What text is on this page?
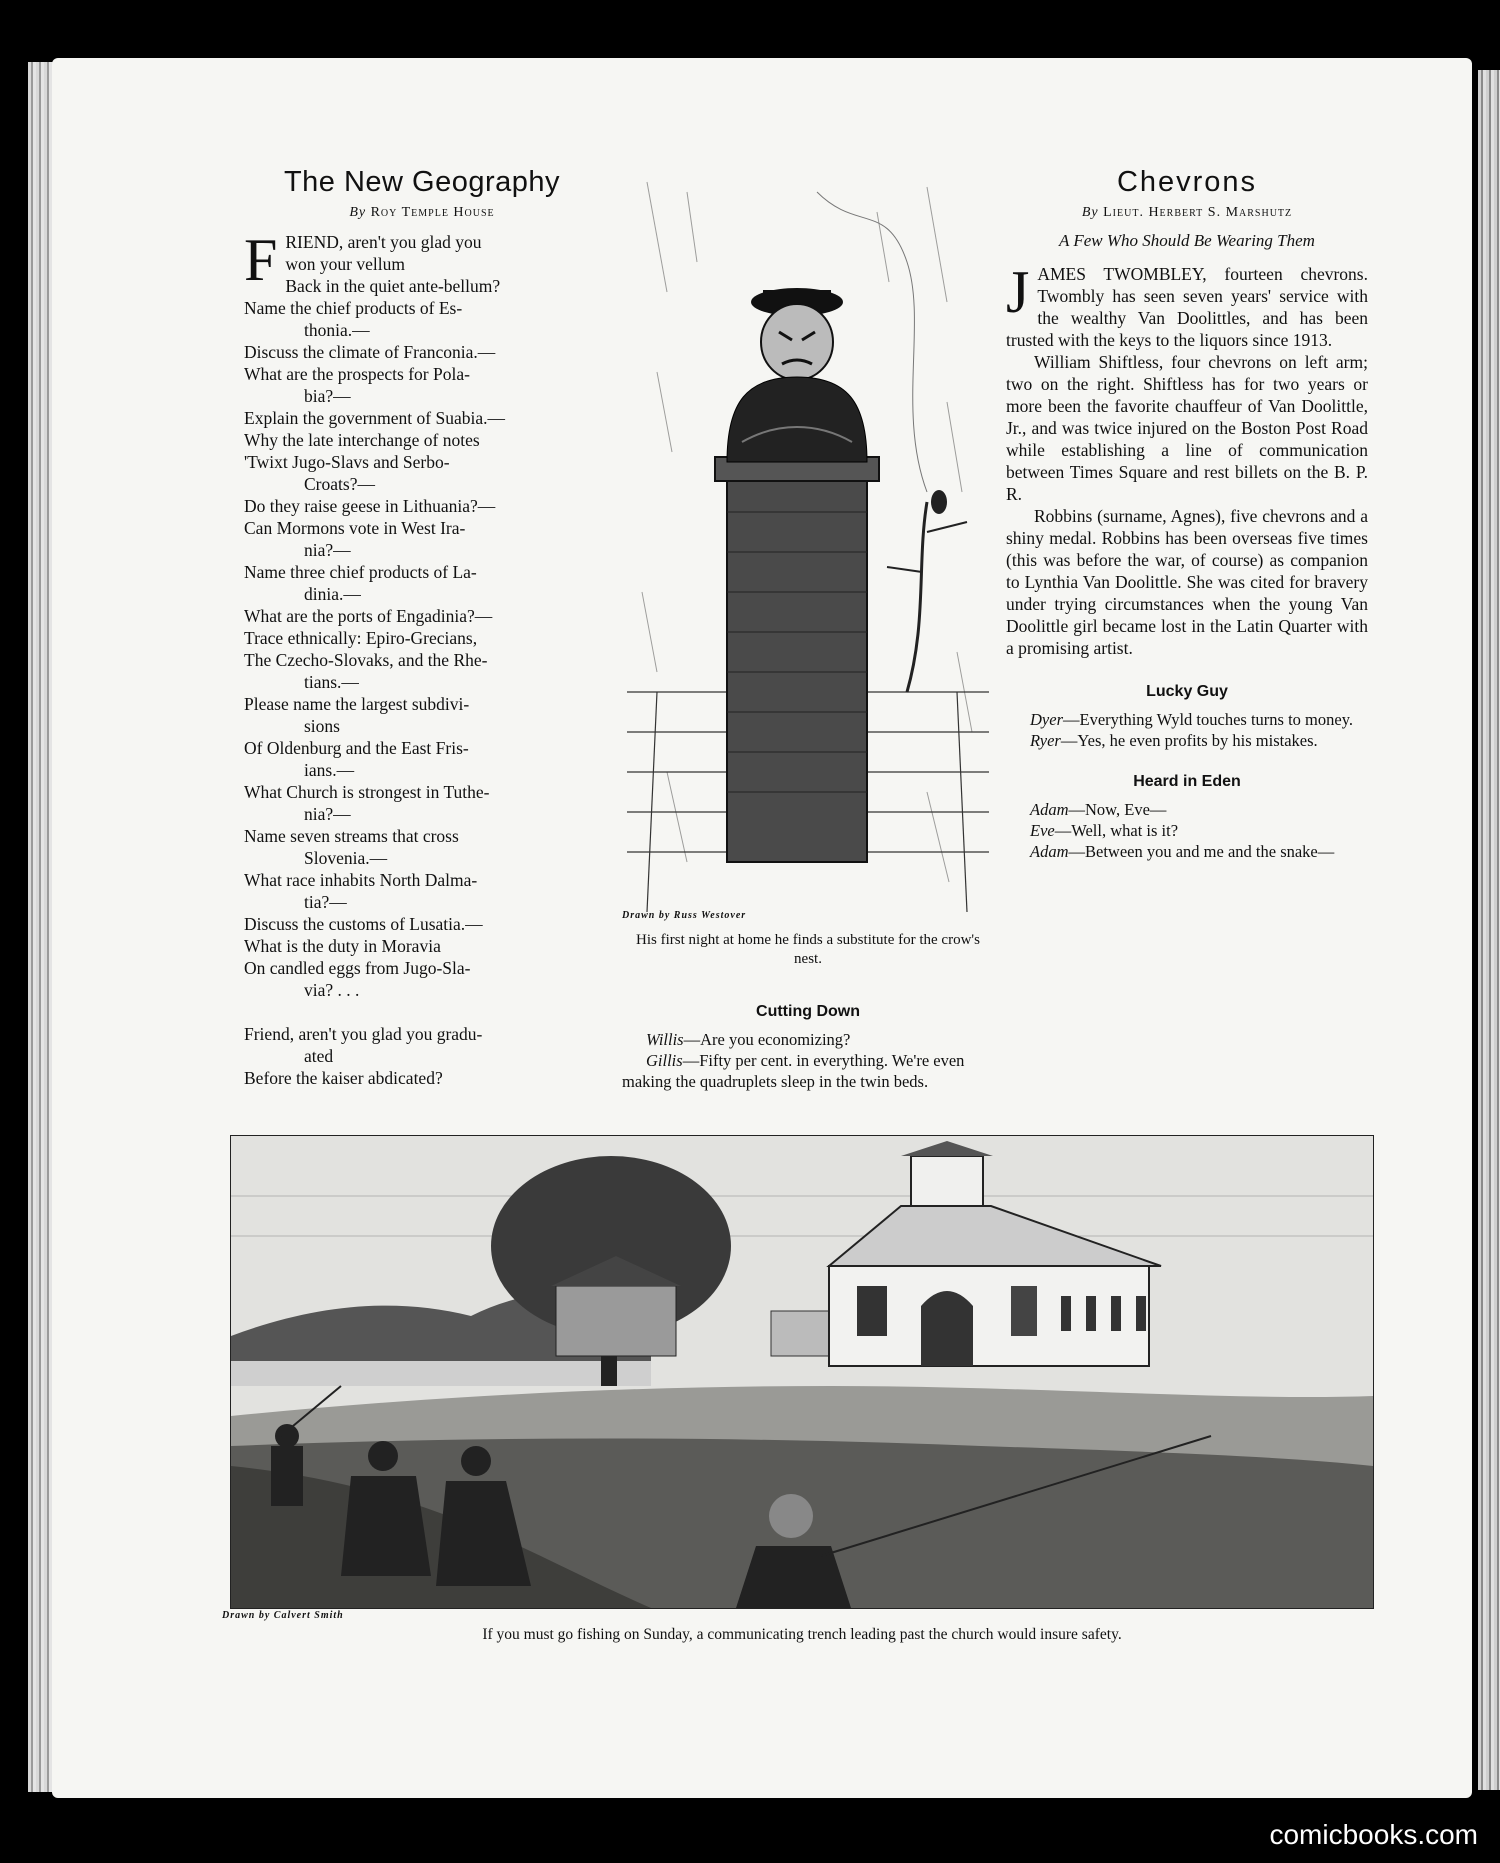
The New Geography
By Roy Temple House
F RIEND, aren't you glad you
won your vellum
Back in the quiet ante-bellum?
Name the chief products of Es-
thonia.—
Discuss the climate of Franconia.—
What are the prospects for Pola-
bia?—
Explain the government of Suabia.—
Why the late interchange of notes
'Twixt Jugo-Slavs and Serbo-
Croats?—
Do they raise geese in Lithuania?—
Can Mormons vote in West Ira-
nia?—
Name three chief products of La-
dinia.—
What are the ports of Engadinia?—
Trace ethnically: Epiro-Grecians,
The Czecho-Slovaks, and the Rhe-
tians.—
Please name the largest subdivi-
sions
Of Oldenburg and the East Fris-
ians.—
What Church is strongest in Tuthe-
nia?—
Name seven streams that cross
Slovenia.—
What race inhabits North Dalma-
tia?—
Discuss the customs of Lusatia.—
What is the duty in Moravia
On candled eggs from Jugo-Sla-
via? . . .
Friend, aren't you glad you gradu-
ated
Before the kaiser abdicated?
Drawn by Russ Westover
His first night at home he finds a substitute for the crow's nest.
Cutting Down

Willis—Are you economizing?

Gillis—Fifty per cent. in everything. We're even making the quadruplets sleep in the twin beds.

Chevrons
By Lieut. Herbert S. Marshutz
A Few Who Should Be Wearing Them

JAMES TWOMBLEY, fourteen chevrons. Twombly has seen seven years' service with the wealthy Van Doolittles, and has been trusted with the keys to the liquors since 1913.

William Shiftless, four chevrons on left arm; two on the right. Shiftless has for two years or more been the favorite chauffeur of Van Doolittle, Jr., and was twice injured on the Boston Post Road while establishing a line of communication between Times Square and rest billets on the B. P. R.

Robbins (surname, Agnes), five chevrons and a shiny medal. Robbins has been overseas five times (this was before the war, of course) as companion to Lynthia Van Doolittle. She was cited for bravery under trying circumstances when the young Van Doolittle girl became lost in the Latin Quarter with a promising artist.

Lucky Guy

Dyer—Everything Wyld touches turns to money.

Ryer—Yes, he even profits by his mistakes.

Heard in Eden

Adam—Now, Eve—

Eve—Well, what is it?

Adam—Between you and me and the snake—

Drawn by Calvert Smith
If you must go fishing on Sunday, a communicating trench leading past the church would insure safety.
comicbooks.com
